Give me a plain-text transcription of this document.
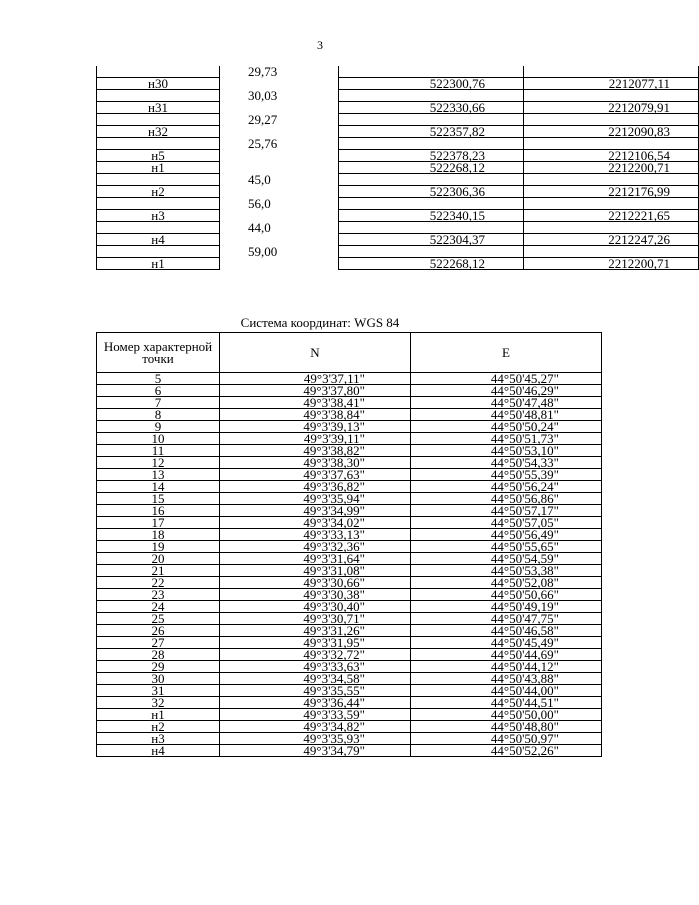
3
	29,73		
н30		522300,76	2212077,11
	30,03		
н31		522330,66	2212079,91
	29,27		
н32		522357,82	2212090,83
	25,76		
н5		522378,23	2212106,54
н1		522268,12	2212200,71
	45,0		
н2		522306,36	2212176,99
	56,0		
н3		522340,15	2212221,65
	44,0		
н4		522304,37	2212247,26
	59,00		
н1		522268,12	2212200,71
Система координат: WGS 84
Номер характерной точки	N	E
5	49°3'37,11"	44°50'45,27"
6	49°3'37,80"	44°50'46,29"
7	49°3'38,41"	44°50'47,48"
8	49°3'38,84"	44°50'48,81"
9	49°3'39,13"	44°50'50,24"
10	49°3'39,11"	44°50'51,73"
11	49°3'38,82"	44°50'53,10"
12	49°3'38,30"	44°50'54,33"
13	49°3'37,63"	44°50'55,39"
14	49°3'36,82"	44°50'56,24"
15	49°3'35,94"	44°50'56,86"
16	49°3'34,99"	44°50'57,17"
17	49°3'34,02"	44°50'57,05"
18	49°3'33,13"	44°50'56,49"
19	49°3'32,36"	44°50'55,65"
20	49°3'31,64"	44°50'54,59"
21	49°3'31,08"	44°50'53,38"
22	49°3'30,66"	44°50'52,08"
23	49°3'30,38"	44°50'50,66"
24	49°3'30,40"	44°50'49,19"
25	49°3'30,71"	44°50'47,75"
26	49°3'31,26"	44°50'46,58"
27	49°3'31,95"	44°50'45,49"
28	49°3'32,72"	44°50'44,69"
29	49°3'33,63"	44°50'44,12"
30	49°3'34,58"	44°50'43,88"
31	49°3'35,55"	44°50'44,00"
32	49°3'36,44"	44°50'44,51"
н1	49°3'33,59"	44°50'50,00"
н2	49°3'34,82"	44°50'48,80"
н3	49°3'35,93"	44°50'50,97"
н4	49°3'34,79"	44°50'52,26"
